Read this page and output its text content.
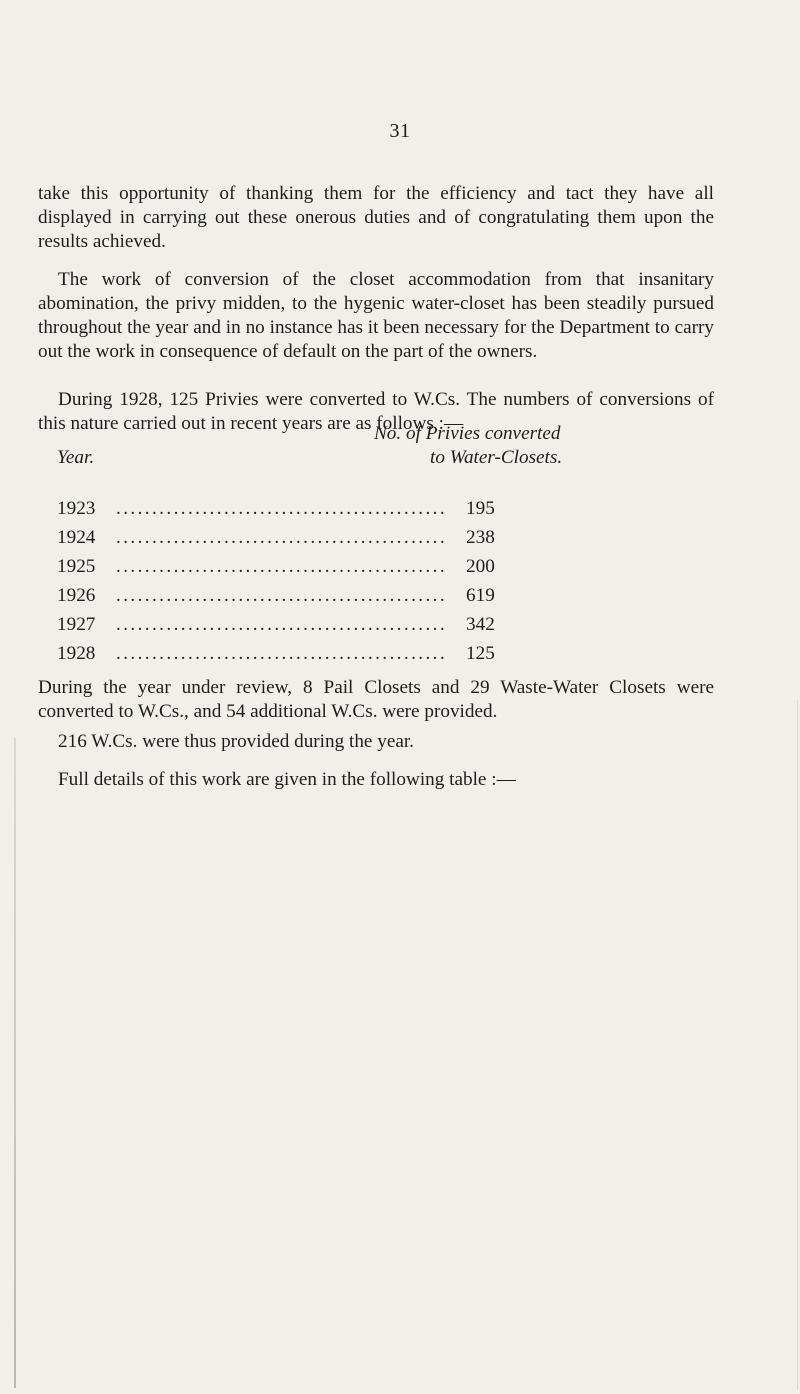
31

take this opportunity of thanking them for the efficiency and tact they have all displayed in carrying out these onerous duties and of congratulating them upon the results achieved.

The work of conversion of the closet accommodation from that insanitary abomination, the privy midden, to the hygenic water-closet has been steadily pursued throughout the year and in no instance has it been necessary for the Department to carry out the work in consequence of default on the part of the owners.

During 1928, 125 Privies were converted to W.Cs. The numbers of conversions of this nature carried out in recent years are as follows :—

Year.
No. of Privies converted
to Water-Closets.
1923 .............................................. 195
1924 .............................................. 238
1925 .............................................. 200
1926 .............................................. 619
1927 .............................................. 342
1928 .............................................. 125

During the year under review, 8 Pail Closets and 29 Waste-Water Closets were converted to W.Cs., and 54 additional W.Cs. were provided.

216 W.Cs. were thus provided during the year.

Full details of this work are given in the following table :—
